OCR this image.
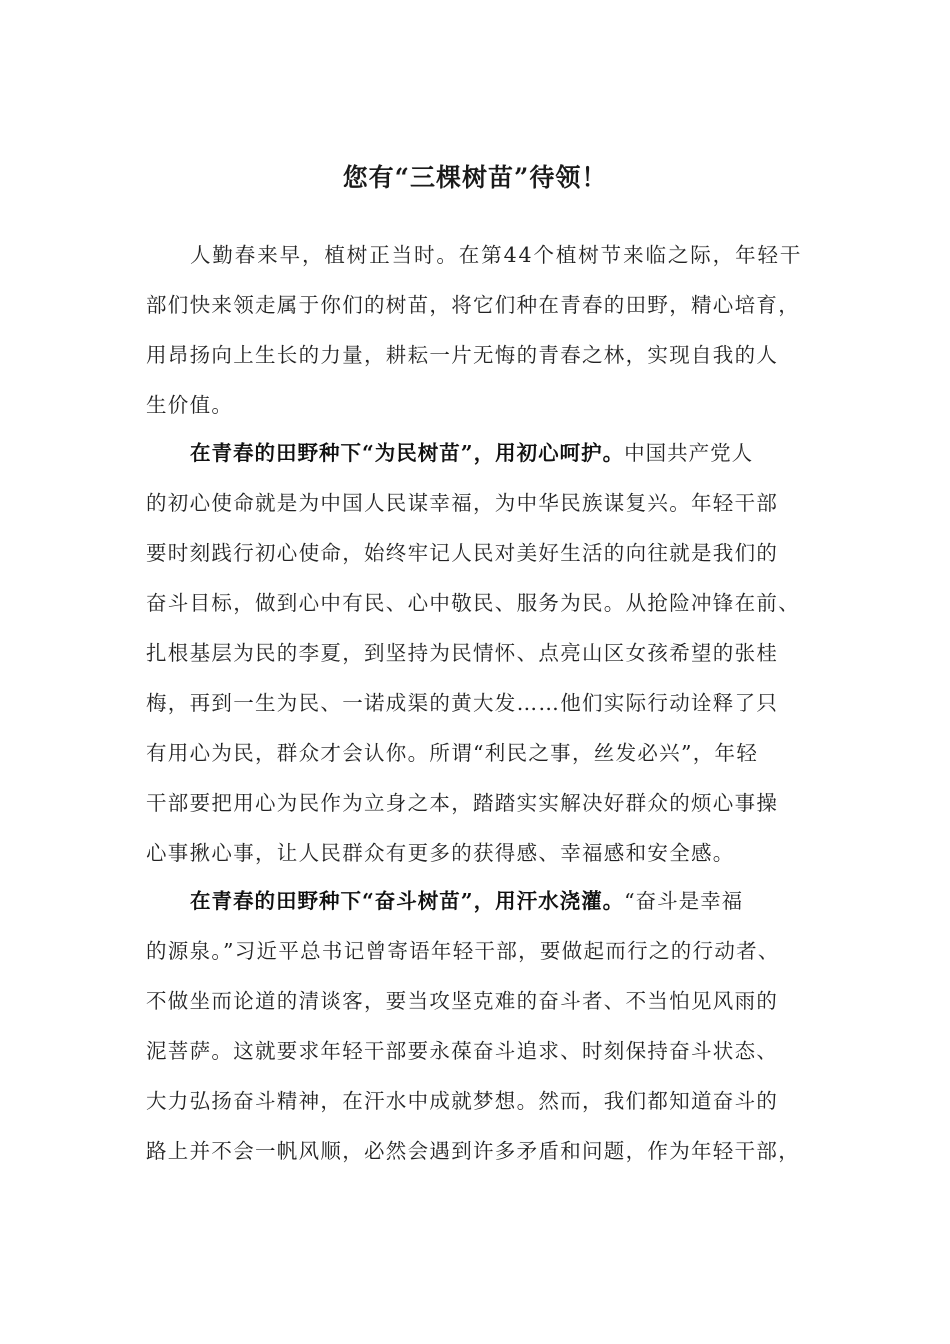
您有“三棵树苗”待领！
人勤春来早，植树正当时。在第44个植树节来临之际，年轻干
部们快来领走属于你们的树苗，将它们种在青春的田野，精心培育，
用昂扬向上生长的力量，耕耘一片无悔的青春之林，实现自我的人
生价值。
在青春的田野种下“为民树苗”，用初心呵护。中国共产党人
的初心使命就是为中国人民谋幸福，为中华民族谋复兴。年轻干部
要时刻践行初心使命，始终牢记人民对美好生活的向往就是我们的
奋斗目标，做到心中有民、心中敬民、服务为民。从抢险冲锋在前、
扎根基层为民的李夏，到坚持为民情怀、点亮山区女孩希望的张桂
梅，再到一生为民、一诺成渠的黄大发……他们实际行动诠释了只
有用心为民，群众才会认你。所谓“利民之事，丝发必兴”，年轻
干部要把用心为民作为立身之本，踏踏实实解决好群众的烦心事操
心事揪心事，让人民群众有更多的获得感、幸福感和安全感。
在青春的田野种下“奋斗树苗”，用汗水浇灌。“奋斗是幸福
的源泉。”习近平总书记曾寄语年轻干部，要做起而行之的行动者、
不做坐而论道的清谈客，要当攻坚克难的奋斗者、不当怕见风雨的
泥菩萨。这就要求年轻干部要永葆奋斗追求、时刻保持奋斗状态、
大力弘扬奋斗精神，在汗水中成就梦想。然而，我们都知道奋斗的
路上并不会一帆风顺，必然会遇到许多矛盾和问题，作为年轻干部，
